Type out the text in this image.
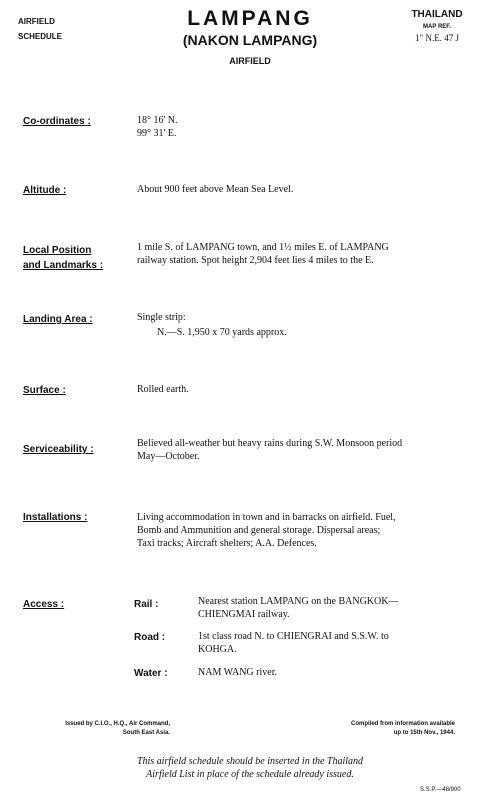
AIRFIELD
SCHEDULE
LAMPANG
(NAKON LAMPANG)
AIRFIELD
THAILAND
MAP REF.
1" N.E. 47 J
Co-ordinates :	18° 16' N.
99° 31' E.
Altitude :	About 900 feet above Mean Sea Level.
Local Position
and Landmarks :
1 mile S. of LAMPANG town, and 1½ miles E. of LAMPANG
railway station. Spot height 2,904 feet lies 4 miles to the E.
Landing Area :	Single strip:
N.—S. 1,950 x 70 yards approx.
Surface :	Rolled earth.
Serviceability :
Believed all-weather but heavy rains during S.W. Monsoon period
May—October.
Installations :	Living accommodation in town and in barracks on airfield. Fuel,
Bomb and Ammunition and general storage. Dispersal areas;
Taxi tracks; Aircraft shelters; A.A. Defences.
Access :	Rail :	Nearest station LAMPANG on the BANGKOK—
CHIENGMAI railway.
Road :	1st class road N. to CHIENGRAI and S.S.W. to
KOHGA.
Water :	NAM WANG river.
Issued by C.I.O., H.Q., Air Command,
South East Asia.
Compiled from information available
up to 15th Nov., 1944.
This airfield schedule should be inserted in the Thailand
Airfield List in place of the schedule already issued.
S.S.P.—48/900
